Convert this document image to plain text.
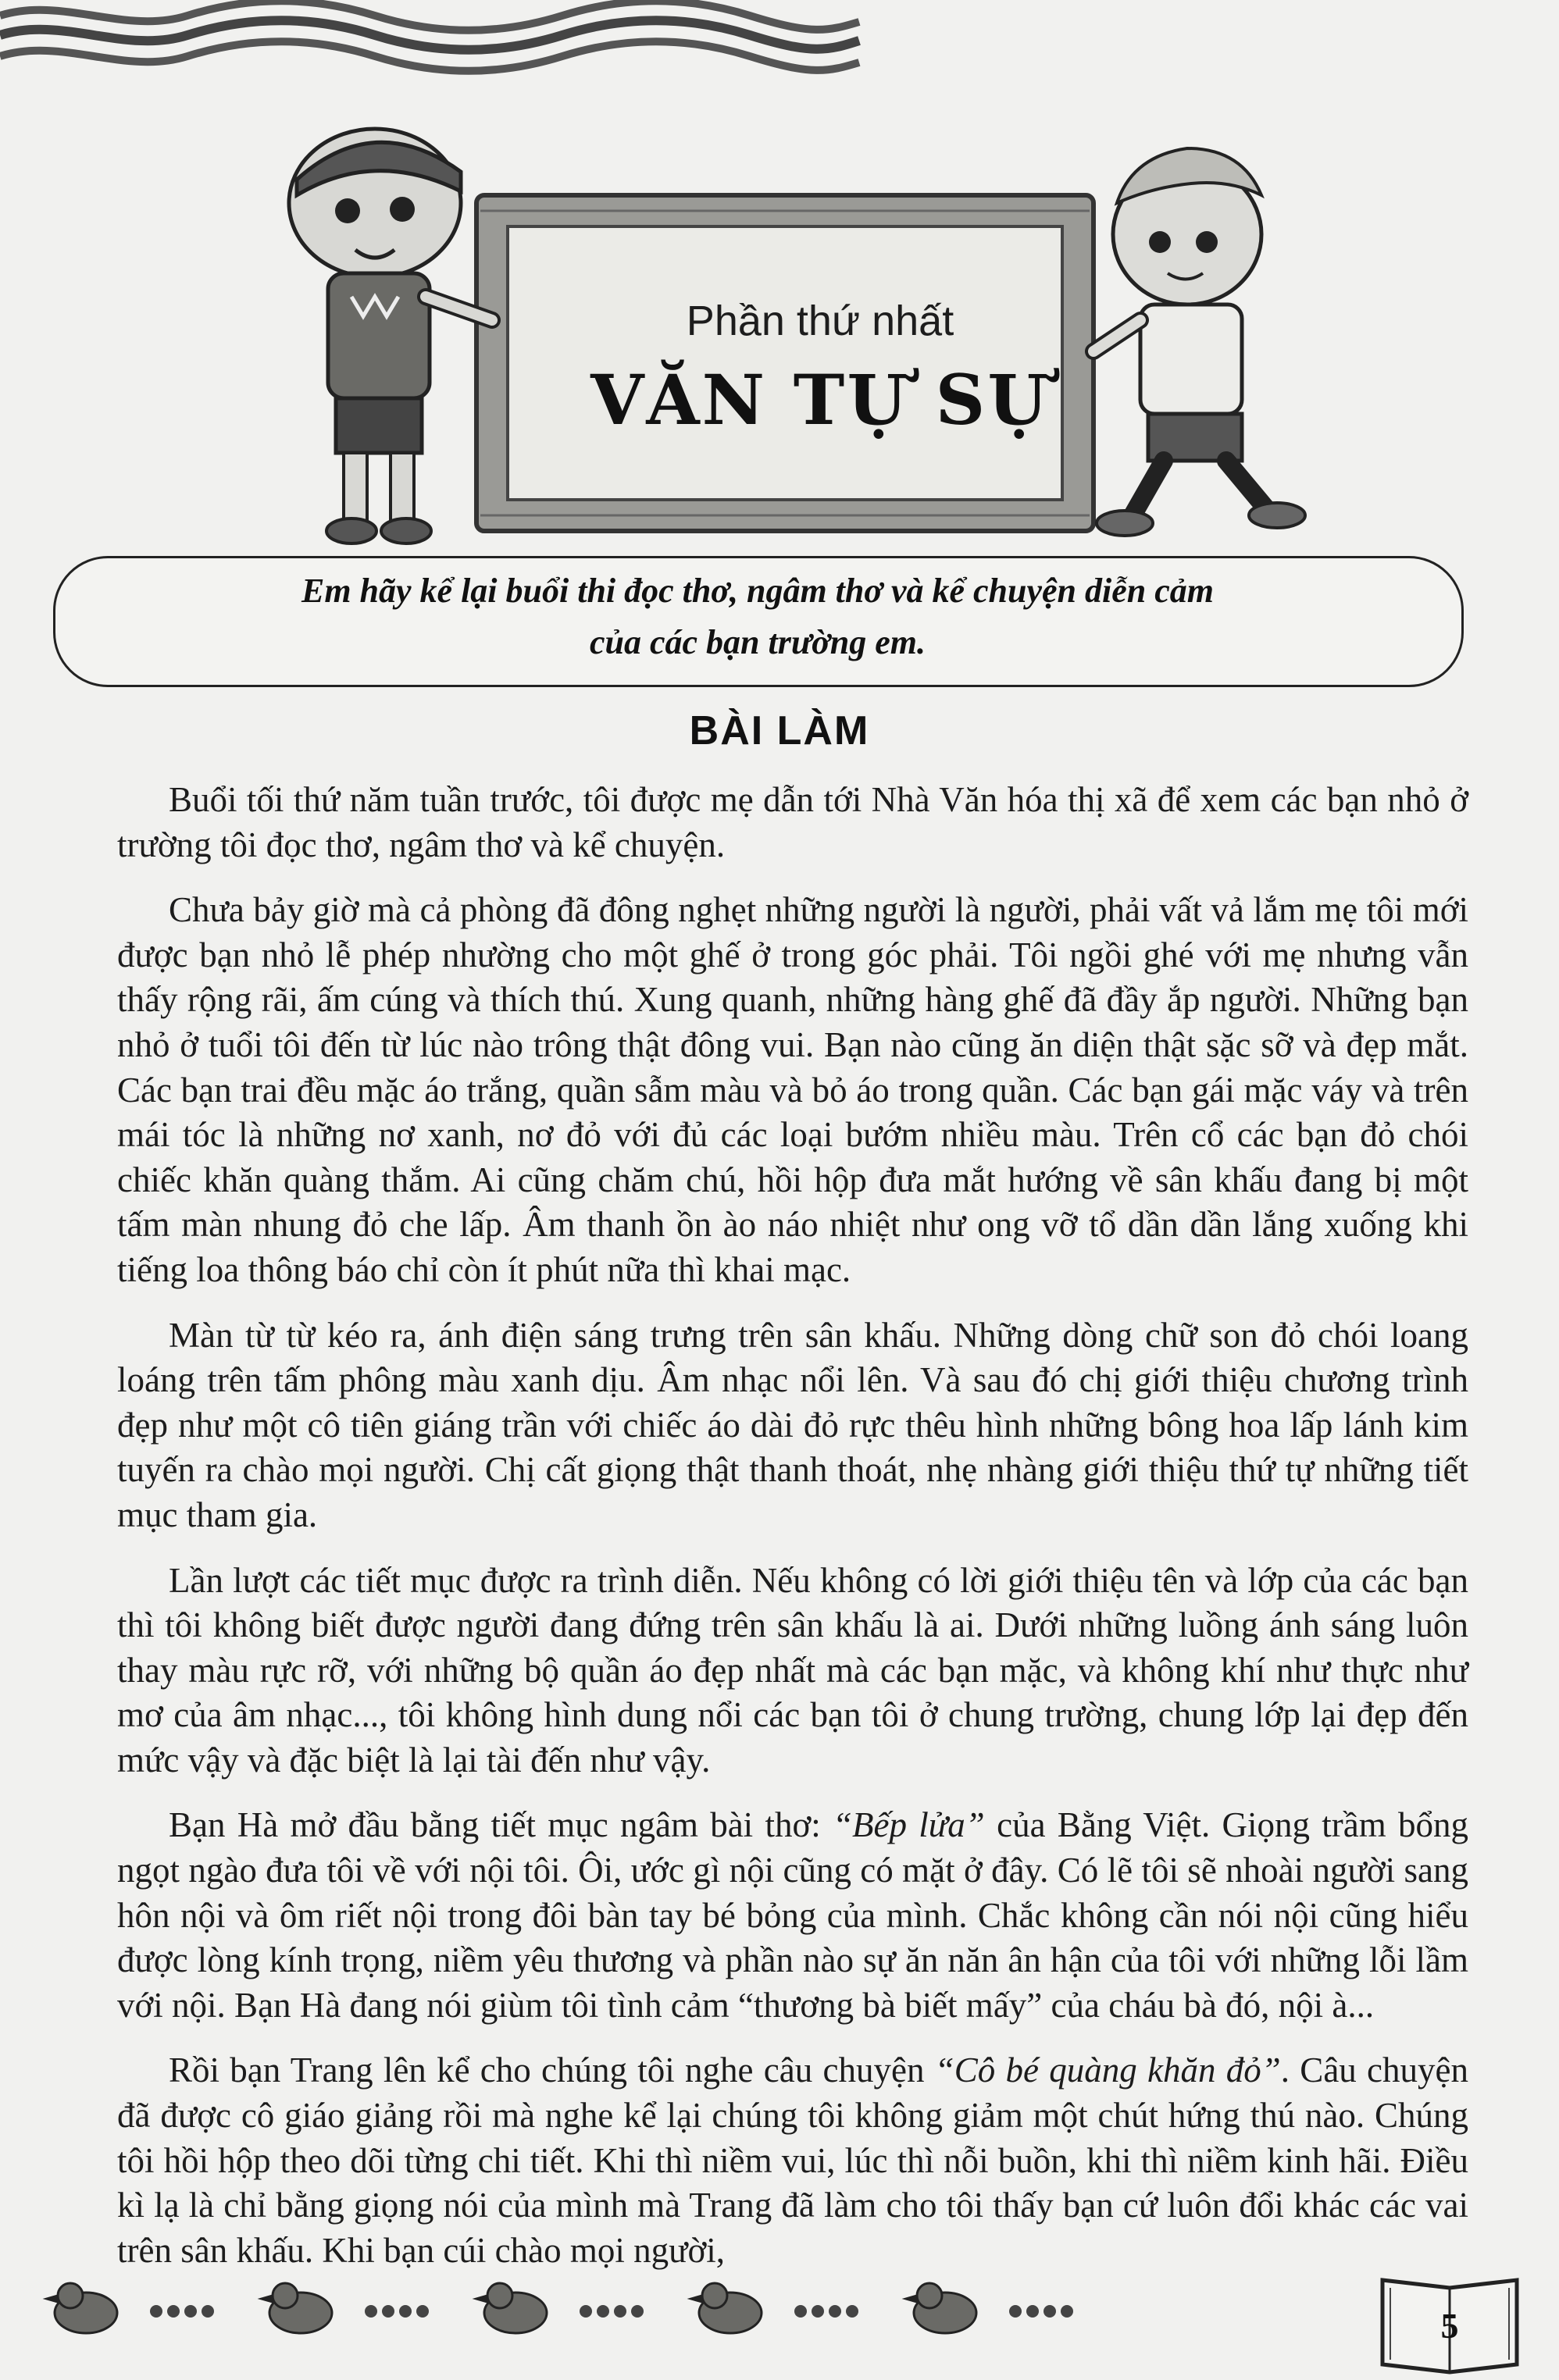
Phần thứ nhất
VĂN TỰ SỰ
Em hãy kể lại buổi thi đọc thơ, ngâm thơ và kể chuyện diễn cảm
của các bạn trường em.
BÀI LÀM

Buổi tối thứ năm tuần trước, tôi được mẹ dẫn tới Nhà Văn hóa thị xã để xem các bạn nhỏ ở trường tôi đọc thơ, ngâm thơ và kể chuyện.

Chưa bảy giờ mà cả phòng đã đông nghẹt những người là người, phải vất vả lắm mẹ tôi mới được bạn nhỏ lễ phép nhường cho một ghế ở trong góc phải. Tôi ngồi ghé với mẹ nhưng vẫn thấy rộng rãi, ấm cúng và thích thú. Xung quanh, những hàng ghế đã đầy ắp người. Những bạn nhỏ ở tuổi tôi đến từ lúc nào trông thật đông vui. Bạn nào cũng ăn diện thật sặc sỡ và đẹp mắt. Các bạn trai đều mặc áo trắng, quần sẫm màu và bỏ áo trong quần. Các bạn gái mặc váy và trên mái tóc là những nơ xanh, nơ đỏ với đủ các loại bướm nhiều màu. Trên cổ các bạn đỏ chói chiếc khăn quàng thắm. Ai cũng chăm chú, hồi hộp đưa mắt hướng về sân khấu đang bị một tấm màn nhung đỏ che lấp. Âm thanh ồn ào náo nhiệt như ong vỡ tổ dần dần lắng xuống khi tiếng loa thông báo chỉ còn ít phút nữa thì khai mạc.

Màn từ từ kéo ra, ánh điện sáng trưng trên sân khấu. Những dòng chữ son đỏ chói loang loáng trên tấm phông màu xanh dịu. Âm nhạc nổi lên. Và sau đó chị giới thiệu chương trình đẹp như một cô tiên giáng trần với chiếc áo dài đỏ rực thêu hình những bông hoa lấp lánh kim tuyến ra chào mọi người. Chị cất giọng thật thanh thoát, nhẹ nhàng giới thiệu thứ tự những tiết mục tham gia.

Lần lượt các tiết mục được ra trình diễn. Nếu không có lời giới thiệu tên và lớp của các bạn thì tôi không biết được người đang đứng trên sân khấu là ai. Dưới những luồng ánh sáng luôn thay màu rực rỡ, với những bộ quần áo đẹp nhất mà các bạn mặc, và không khí như thực như mơ của âm nhạc..., tôi không hình dung nổi các bạn tôi ở chung trường, chung lớp lại đẹp đến mức vậy và đặc biệt là lại tài đến như vậy.

Bạn Hà mở đầu bằng tiết mục ngâm bài thơ: “Bếp lửa” của Bằng Việt. Giọng trầm bổng ngọt ngào đưa tôi về với nội tôi. Ôi, ước gì nội cũng có mặt ở đây. Có lẽ tôi sẽ nhoài người sang hôn nội và ôm riết nội trong đôi bàn tay bé bỏng của mình. Chắc không cần nói nội cũng hiểu được lòng kính trọng, niềm yêu thương và phần nào sự ăn năn ân hận của tôi với những lỗi lầm với nội. Bạn Hà đang nói giùm tôi tình cảm “thương bà biết mấy” của cháu bà đó, nội à...

Rồi bạn Trang lên kể cho chúng tôi nghe câu chuyện “Cô bé quàng khăn đỏ”. Câu chuyện đã được cô giáo giảng rồi mà nghe kể lại chúng tôi không giảm một chút hứng thú nào. Chúng tôi hồi hộp theo dõi từng chi tiết. Khi thì niềm vui, lúc thì nỗi buồn, khi thì niềm kinh hãi. Điều kì lạ là chỉ bằng giọng nói của mình mà Trang đã làm cho tôi thấy bạn cứ luôn đổi khác các vai trên sân khấu. Khi bạn cúi chào mọi người,

5
